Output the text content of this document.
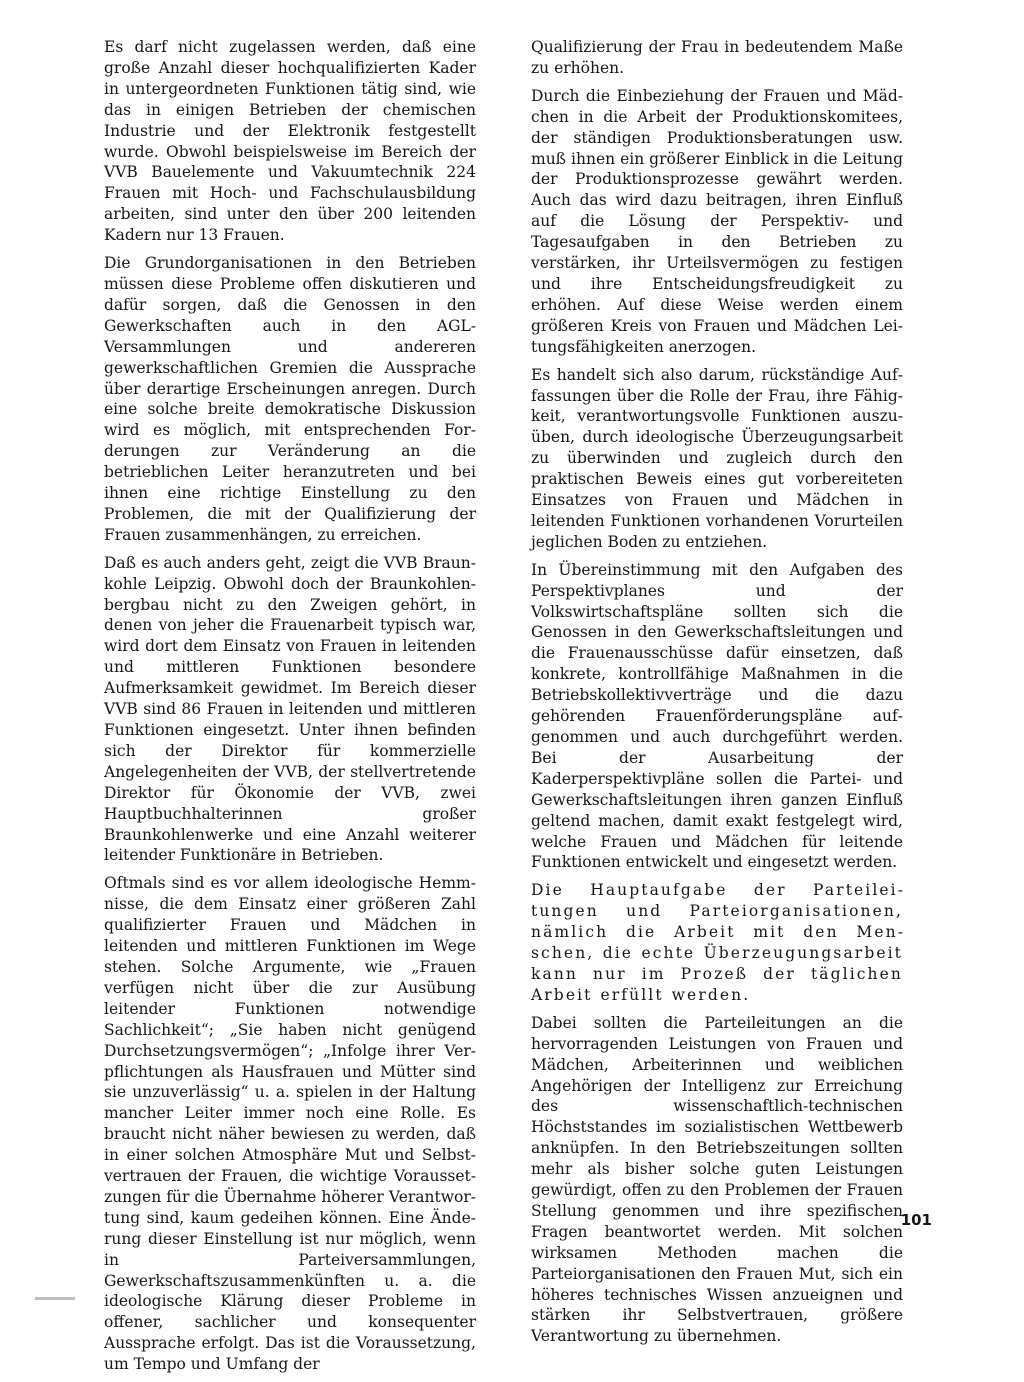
Es darf nicht zugelassen werden, daß eine große Anzahl dieser hochqualifizierten Kader in untergeordneten Funktionen tätig sind, wie das in einigen Betrieben der chemischen Industrie und der Elektronik festgestellt wurde. Obwohl beispielsweise im Bereich der VVB Bauelemente und Vakuumtechnik 224 Frauen mit Hoch- und Fachschulausbildung arbeiten, sind unter den über 200 leitenden Kadern nur 13 Frauen.

Die Grundorganisationen in den Betrieben müssen diese Probleme offen diskutieren und dafür sorgen, daß die Genossen in den Gewerkschaften auch in den AGL-Versammlungen und andereren gewerkschaftlichen Gremien die Aussprache über derartige Erscheinungen anregen. Durch eine solche breite demokratische Diskussion wird es möglich, mit entsprechenden Forderungen zur Veränderung an die betrieblichen Leiter heranzutreten und bei ihnen eine richtige Einstellung zu den Problemen, die mit der Qualifizierung der Frauen zusammenhängen, zu erreichen.

Daß es auch anders geht, zeigt die VVB Braunkohle Leipzig. Obwohl doch der Braunkohlenbergbau nicht zu den Zweigen gehört, in denen von jeher die Frauenarbeit typisch war, wird dort dem Einsatz von Frauen in leitenden und mittleren Funktionen besondere Aufmerksamkeit gewidmet. Im Bereich dieser VVB sind 86 Frauen in leitenden und mittleren Funktionen eingesetzt. Unter ihnen befinden sich der Direktor für kommerzielle Angelegenheiten der VVB, der stellvertretende Direktor für Ökonomie der VVB, zwei Hauptbuchhalterinnen großer Braunkohlenwerke und eine Anzahl weiterer leitender Funktionäre in Betrieben.

Oftmals sind es vor allem ideologische Hemmnisse, die dem Einsatz einer größeren Zahl qualifizierter Frauen und Mädchen in leitenden und mittleren Funktionen im Wege stehen. Solche Argumente, wie „Frauen verfügen nicht über die zur Ausübung leitender Funktionen notwendige Sachlichkeit“; „Sie haben nicht genügend Durchsetzungsvermögen“; „Infolge ihrer Verpflichtungen als Hausfrauen und Mütter sind sie unzuverlässig“ u. a. spielen in der Haltung mancher Leiter immer noch eine Rolle. Es braucht nicht näher bewiesen zu werden, daß in einer solchen Atmosphäre Mut und Selbstvertrauen der Frauen, die wichtige Voraussetzungen für die Übernahme höherer Verantwortung sind, kaum gedeihen können. Eine Änderung dieser Einstellung ist nur möglich, wenn in Parteiversammlungen, Gewerkschaftszusammenkünften u. a. die ideologische Klärung dieser Probleme in offener, sachlicher und konsequenter Aussprache erfolgt. Das ist die Voraussetzung, um Tempo und Umfang der

Qualifizierung der Frau in bedeutendem Maße zu erhöhen.

Durch die Einbeziehung der Frauen und Mädchen in die Arbeit der Produktionskomitees, der ständigen Produktionsberatungen usw. muß ihnen ein größerer Einblick in die Leitung der Produktionsprozesse gewährt werden. Auch das wird dazu beitragen, ihren Einfluß auf die Lösung der Perspektiv- und Tagesaufgaben in den Betrieben zu verstärken, ihr Urteilsvermögen zu festigen und ihre Entscheidungsfreudigkeit zu erhöhen. Auf diese Weise werden einem größeren Kreis von Frauen und Mädchen Leitungsfähigkeiten anerzogen.

Es handelt sich also darum, rückständige Auffassungen über die Rolle der Frau, ihre Fähigkeit, verantwortungsvolle Funktionen auszuüben, durch ideologische Überzeugungsarbeit zu überwinden und zugleich durch den praktischen Beweis eines gut vorbereiteten Einsatzes von Frauen und Mädchen in leitenden Funktionen vorhandenen Vorurteilen jeglichen Boden zu entziehen.

In Übereinstimmung mit den Aufgaben des Perspektivplanes und der Volkswirtschaftspläne sollten sich die Genossen in den Gewerkschaftsleitungen und die Frauenausschüsse dafür einsetzen, daß konkrete, kontrollfähige Maßnahmen in die Betriebskollektivverträge und die dazu gehörenden Frauenförderungspläne aufgenommen und auch durchgeführt werden. Bei der Ausarbeitung der Kaderperspektivpläne sollen die Partei- und Gewerkschaftsleitungen ihren ganzen Einfluß geltend machen, damit exakt festgelegt wird, welche Frauen und Mädchen für leitende Funktionen entwickelt und eingesetzt werden.

Die Hauptaufgabe der Parteileitungen und Parteiorganisationen, nämlich die Arbeit mit den Menschen, die echte Überzeugungsarbeit kann nur im Prozeß der täglichen Arbeit erfüllt werden.

Dabei sollten die Parteileitungen an die hervorragenden Leistungen von Frauen und Mädchen, Arbeiterinnen und weiblichen Angehörigen der Intelligenz zur Erreichung des wissenschaftlich-technischen Höchststandes im sozialistischen Wettbewerb anknüpfen. In den Betriebszeitungen sollten mehr als bisher solche guten Leistungen gewürdigt, offen zu den Problemen der Frauen Stellung genommen und ihre spezifischen Fragen beantwortet werden. Mit solchen wirksamen Methoden machen die Parteiorganisationen den Frauen Mut, sich ein höheres technisches Wissen anzueignen und stärken ihr Selbstvertrauen, größere Verantwortung zu übernehmen.

101
